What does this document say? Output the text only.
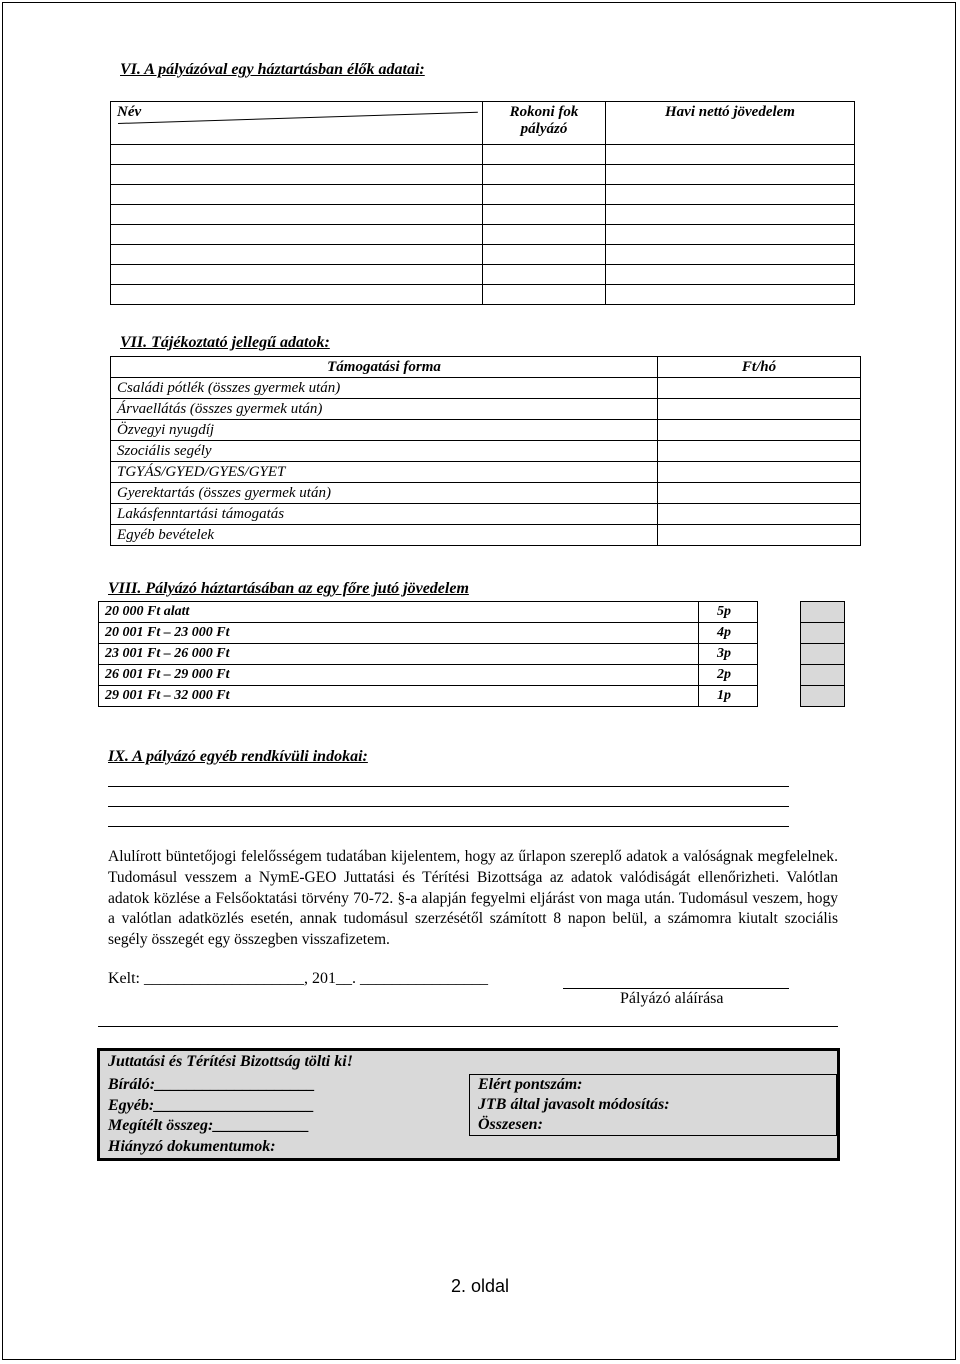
VI. A pályázóval egy háztartásban élők adatai:
Név	Rokoni fok pályázó	Havi nettó jövedelem

VII. Tájékoztató jellegű adatok:
Támogatási forma	Ft/hó
Családi pótlék (összes gyermek után)	
Árvaellátás (összes gyermek után)	
Özvegyi nyugdíj	
Szociális segély	
TGYÁS/GYED/GYES/GYET	
Gyerektartás (összes gyermek után)	
Lakásfenntartási támogatás	
Egyéb bevételek	
VIII. Pályázó háztartásában az egy főre jutó jövedelem
20 000 Ft alatt	5p
20 001 Ft – 23 000 Ft	4p
23 001 Ft – 26 000 Ft	3p
26 001 Ft – 29 000 Ft	2p
29 001 Ft – 32 000 Ft	1p

IX. A pályázó egyéb rendkívüli indokai:
Alulírott büntetőjogi felelősségem tudatában kijelentem, hogy az űrlapon szereplő adatok a valóságnak megfelelnek. Tudomásul vesszem a NymE-GEO Juttatási és Térítési Bizottsága az adatok valódiságát ellenőrizheti. Valótlan adatok közlése a Felsőoktatási törvény 70-72. §-a alapján fegyelmi eljárást von maga után. Tudomásul veszem, hogy a valótlan adatközlés esetén, annak tudomásul szerzésétől számított 8 napon belül, a számomra kiutalt szociális segély összegét egy összegben visszafizetem.
Kelt: ____________________, 201__. ________________
Pályázó aláírása
Juttatási és Térítési Bizottság tölti ki!
Bíráló:____________________
Egyéb:____________________
Megítélt összeg:____________
Hiányzó dokumentumok:
Elért pontszám:
JTB által javasolt módosítás:
Összesen:
2. oldal
